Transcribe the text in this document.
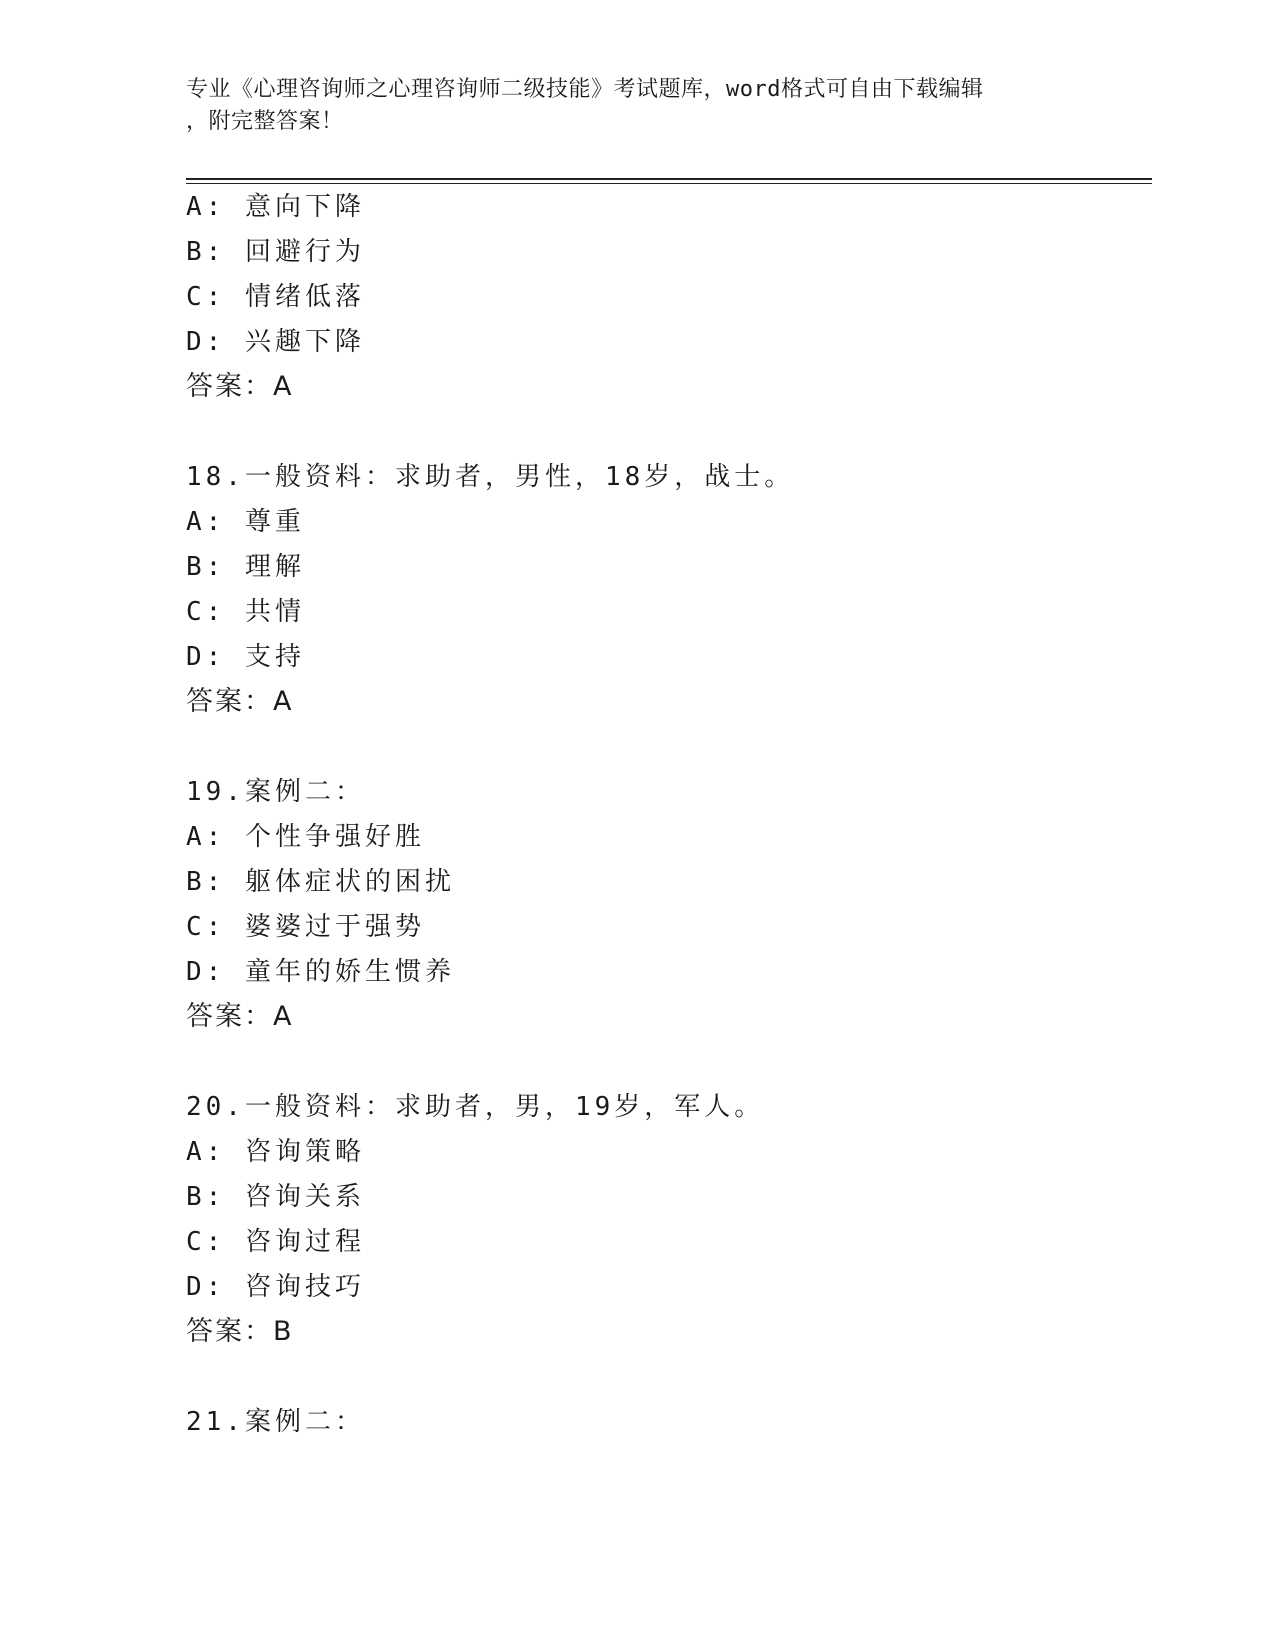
专业《心理咨询师之心理咨询师二级技能》考试题库，word格式可自由下载编辑
，附完整答案！
A: 意向下降
B: 回避行为
C: 情绪低落
D: 兴趣下降
答案：A
18.一般资料：求助者，男性，18岁，战士。
A: 尊重
B: 理解
C: 共情
D: 支持
答案：A
19.案例二：
A: 个性争强好胜
B: 躯体症状的困扰
C: 婆婆过于强势
D: 童年的娇生惯养
答案：A
20.一般资料：求助者，男，19岁，军人。
A: 咨询策略
B: 咨询关系
C: 咨询过程
D: 咨询技巧
答案：B
21.案例二：
